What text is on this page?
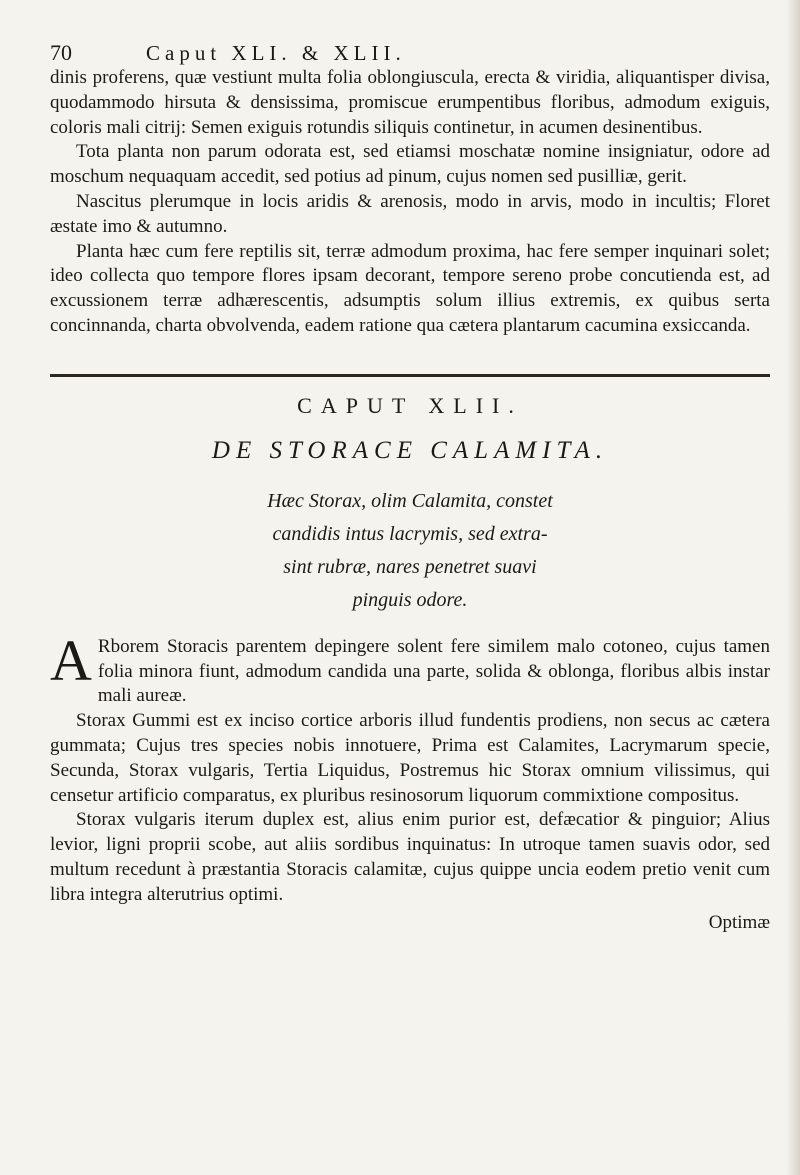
70	Caput XLI. & XLII.

dinis proferens, quæ vestiunt multa folia oblongiuscula, erecta & viridia, aliquantisper divisa, quodammodo hirsuta & densissima, promiscue erumpentibus floribus, admodum exiguis, coloris mali citrij: Semen exiguis rotundis siliquis continetur, in acumen desinentibus.

Tota planta non parum odorata est, sed etiamsi moschatæ nomine insigniatur, odore ad moschum nequaquam accedit, sed potius ad pinum, cujus nomen sed pusilliæ, gerit.

Nascitus plerumque in locis aridis & arenosis, modo in arvis, modo in incultis; Floret æstate imo & autumno.

Planta hæc cum fere reptilis sit, terræ admodum proxima, hac fere semper inquinari solet; ideo collecta quo tempore flores ipsam decorant, tempore sereno probe concutienda est, ad excussionem terræ adhærescentis, adsumptis solum illius extremis, ex quibus serta concinnanda, charta obvolvenda, eadem ratione qua cætera plantarum cacumina exsiccanda.

CAPUT XLII.
DE STORACE CALAMITA.
Hæc Storax, olim Calamita, constet
candidis intus lacrymis, sed extra-
sint rubræ, nares penetret suavi
pinguis odore.

A Rborem Storacis parentem depingere solent fere similem malo cotoneo, cujus tamen folia minora fiunt, admodum candida una parte, solida & oblonga, floribus albis instar mali aureæ.

Storax Gummi est ex inciso cortice arboris illud fundentis prodiens, non secus ac cætera gummata; Cujus tres species nobis innotuere, Prima est Calamites, Lacrymarum specie, Secunda, Storax vulgaris, Tertia Liquidus, Postremus hic Storax omnium vilissimus, qui censetur artificio comparatus, ex pluribus resinosorum liquorum commixtione compositus.

Storax vulgaris iterum duplex est, alius enim purior est, defæcatior & pinguior; Alius levior, ligni proprii scobe, aut aliis sordibus inquinatus: In utroque tamen suavis odor, sed multum recedunt à præstantia Storacis calamitæ, cujus quippe uncia eodem pretio venit cum libra integra alterutrius optimi.

Optimæ
